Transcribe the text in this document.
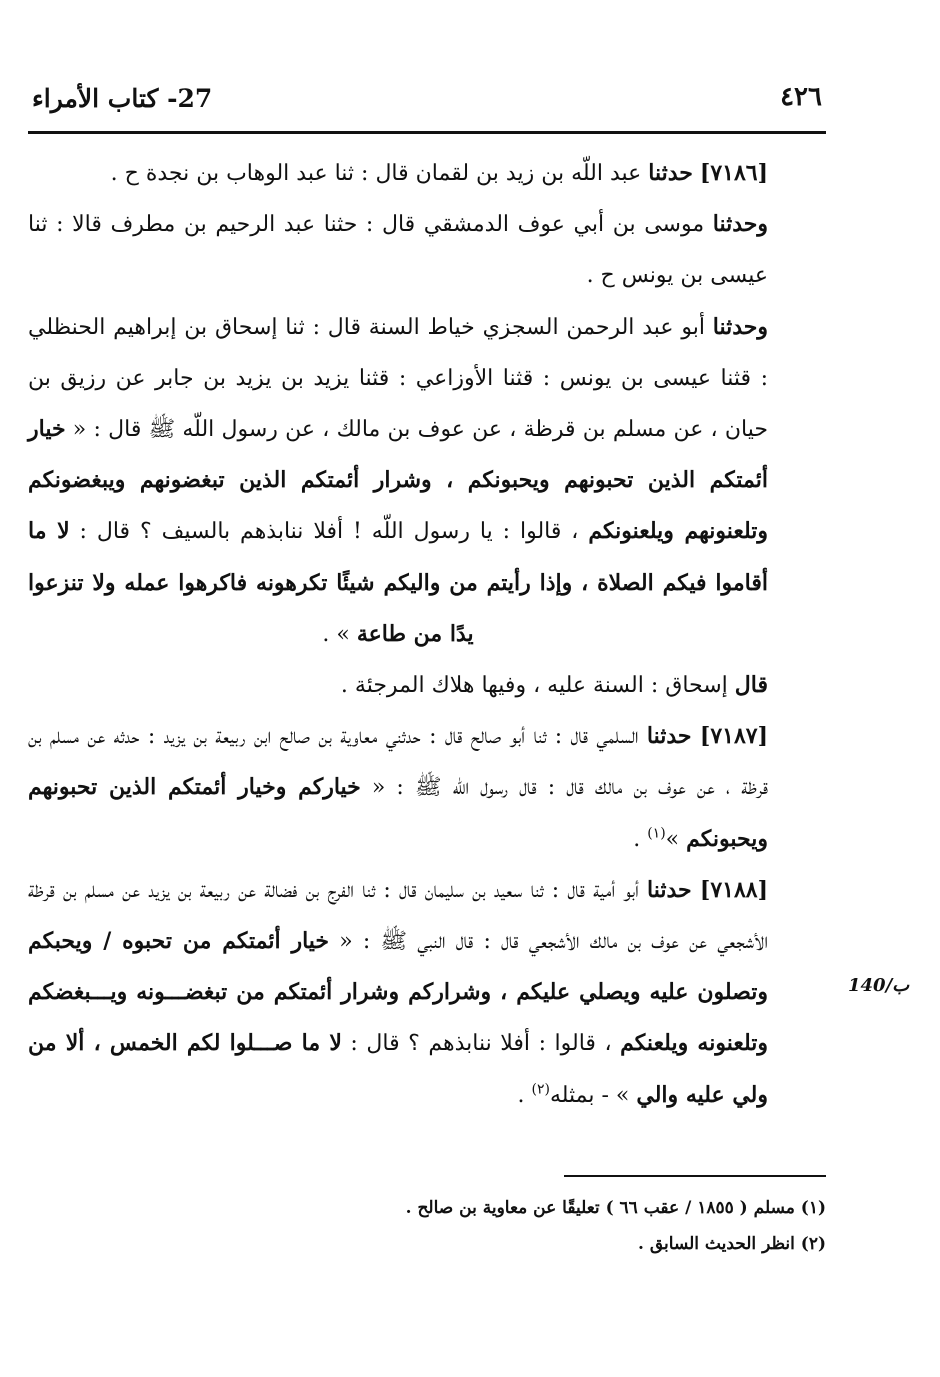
٤٢٦
27- كتاب الأمراء

[٧١٨٦] حدثنا عبد اللّه بن زيد بن لقمان قال : ثنا عبد الوهاب بن نجدة ح .

وحدثنا موسى بن أبي عوف الدمشقي قال : حثنا عبد الرحيم بن مطرف قالا : ثنا عيسى بن يونس ح .

وحدثنا أبو عبد الرحمن السجزي خياط السنة قال : ثنا إسحاق بن إبراهيم الحنظلي : قثنا عيسى بن يونس : قثنا الأوزاعي : قثنا يزيد بن يزيد بن جابر عن رزيق بن حيان ، عن مسلم بن قرظة ، عن عوف بن مالك ، عن رسول اللّه ﷺ قال : « خيار أئمتكم الذين تحبونهم ويحبونكم ، وشرار أئمتكم الذين تبغضونهم ويبغضونكم وتلعنونهم ويلعنونكم ، قالوا : يا رسول اللّه ! أفلا ننابذهم بالسيف ؟ قال : لا ما أقاموا فيكم الصلاة ، وإذا رأيتم من واليكم شيئًا تكرهونه فاكرهوا عمله ولا تنزعوا يدًا من طاعة » .

قال إسحاق : السنة عليه ، وفيها هلاك المرجئة .

[٧١٨٧] حدثنا السلمي قال : ثنا أبو صالح قال : حدثني معاوية بن صالح ابن ربيعة بن يزيد : حدثه عن مسلم بن قرظة ، عن عوف بن مالك قال : قال رسول اللّه ﷺ : « خياركم وخيار أئمتكم الذين تحبونهم ويحبونكم »$^{(١)}$ .

[٧١٨٨] حدثنا أبو أمية قال : ثنا سعيد بن سليمان قال : ثنا الفرج بن فضالة عن ربيعة بن يزيد عن مسلم بن قرظة الأشجعي عن عوف بن مالك الأشجعي قال : قال النبي ﷺ : « خيار أئمتكم من تحبوه / ويحبكم وتصلون عليه ويصلي عليكم ، وشراركم وشرار أئمتكم من تبغضـــونه ويـــبغضكم وتلعنونه ويلعنكم ، قالوا : أفلا ننابذهم ؟ قال : لا ما صـــلوا لكم الخمس ، ألا من ولي عليه والي » - بمثله$^{(٢)}$ .

140/ب

(١) مسلم ( ١٨٥٥ / عقب ٦٦ ) تعليقًا عن معاوية بن صالح .

(٢) انظر الحديث السابق .
